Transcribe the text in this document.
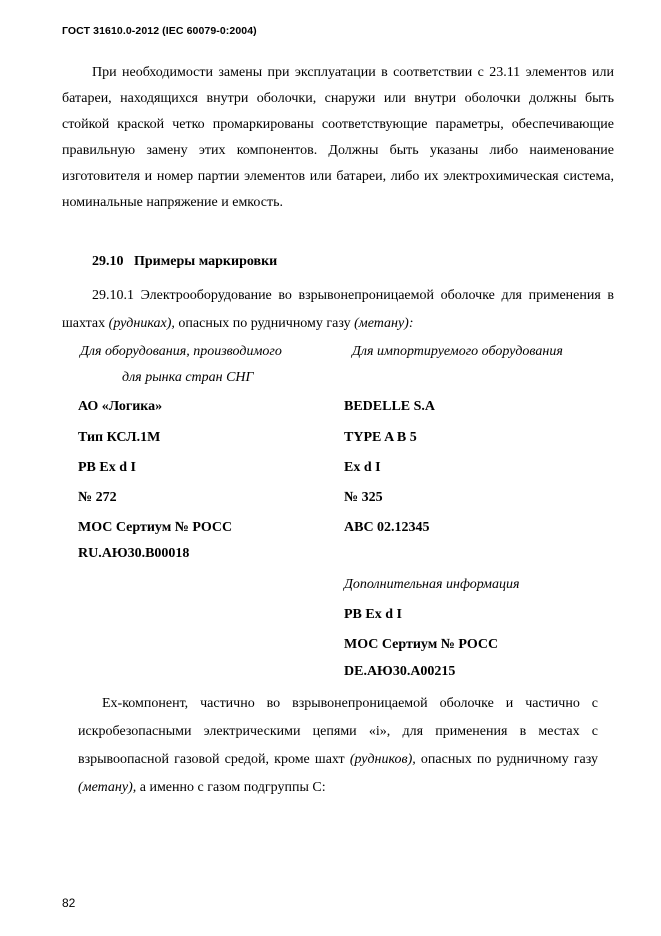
ГОСТ 31610.0-2012 (IEC 60079-0:2004)

При необходимости замены при эксплуатации в соответствии с 23.11 элементов или батареи, находящихся внутри оболочки, снаружи или внутри оболочки должны быть стойкой краской четко промаркированы соответствующие параметры, обеспечивающие правильную замену этих компонентов. Должны быть указаны либо наименование изготовителя и номер партии элементов или батареи, либо их электрохимическая система, номинальные напряжение и емкость.

29.10 Примеры маркировки

29.10.1 Электрооборудование во взрывонепроницаемой оболочке для применения в шахтах (рудниках), опасных по рудничному газу (метану):

Для оборудования, производимого

для рынка стран СНГ

Для импортируемого оборудования

АО «Логика»

Тип КСЛ.1М

РВ Ex d I

№ 272

МОС Сертиум № РОСС

RU.АЮ30.В00018

BEDELLE S.A

TYPE A B 5

Ex d I

№ 325

ABC 02.12345

Дополнительная информация

РВ Ex d I

МОС Сертиум № РОСС

DE.АЮ30.А00215

Ex-компонент, частично во взрывонепроницаемой оболочке и частично с искробезопасными электрическими цепями «i», для применения в местах с взрывоопасной газовой средой, кроме шахт (рудников), опасных по рудничному газу (метану), а именно с газом подгруппы С:

82
